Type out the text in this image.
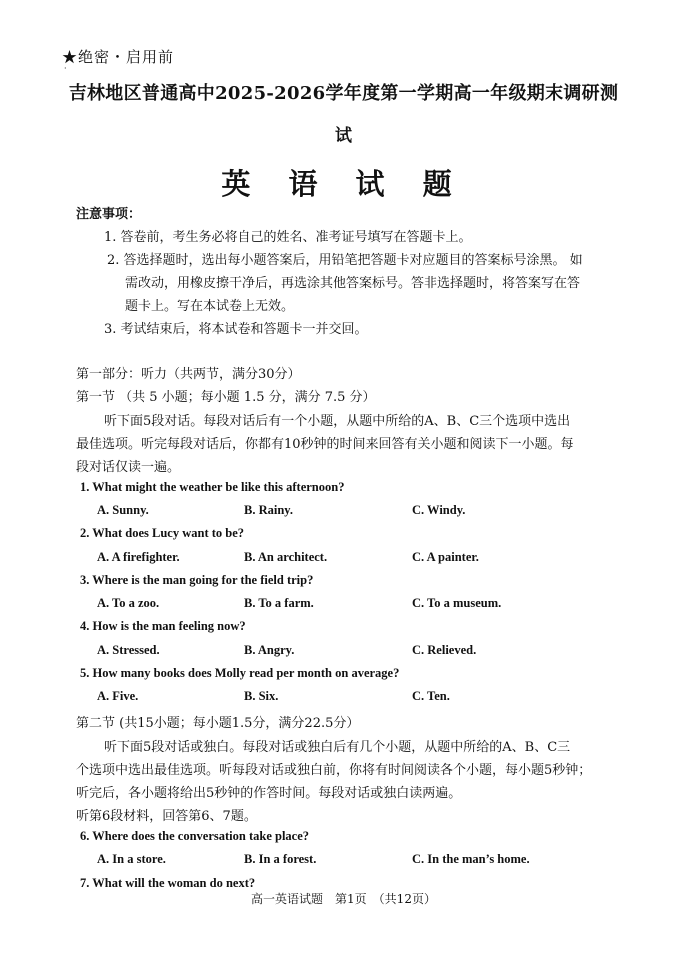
★绝密・启用前
·
吉林地区普通高中2025-2026学年度第一学期高一年级期末调研测
试
英 语 试 题
注意事项：
1. 答卷前，考生务必将自己的姓名、准考证号填写在答题卡上。
2. 答选择题时，选出每小题答案后，用铅笔把答题卡对应题目的答案标号涂黑。 如
需改动，用橡皮擦干净后，再选涂其他答案标号。答非选择题时，将答案写在答
题卡上。写在本试卷上无效。
3. 考试结束后，将本试卷和答题卡一并交回。
第一部分：听力（共两节，满分30分）
第一节 （共 5 小题；每小题 1.5 分，满分 7.5 分）
听下面5段对话。每段对话后有一个小题，从题中所给的A、B、C三个选项中选出
最佳选项。听完每段对话后，你都有10秒钟的时间来回答有关小题和阅读下一小题。每
段对话仅读一遍。
1. What might the weather be like this afternoon?
A. Sunny.	B. Rainy.	C. Windy.
2. What does Lucy want to be?
A. A firefighter.	B. An architect.	C. A painter.
3. Where is the man going for the field trip?
A. To a zoo.	B. To a farm.	C. To a museum.
4. How is the man feeling now?
A. Stressed.	B. Angry.	C. Relieved.
5. How many books does Molly read per month on average?
A. Five.	B. Six.	C. Ten.
第二节 (共15小题；每小题1.5分，满分22.5分）
听下面5段对话或独白。每段对话或独白后有几个小题，从题中所给的A、B、C三
个选项中选出最佳选项。听每段对话或独白前，你将有时间阅读各个小题，每小题5秒钟；
听完后，各小题将给出5秒钟的作答时间。每段对话或独白读两遍。
听第6段材料，回答第6、7题。
6. Where does the conversation take place?
A. In a store.	B. In a forest.	C. In the man’s home.
7. What will the woman do next?
高一英语试题　第1页　（共12页）
